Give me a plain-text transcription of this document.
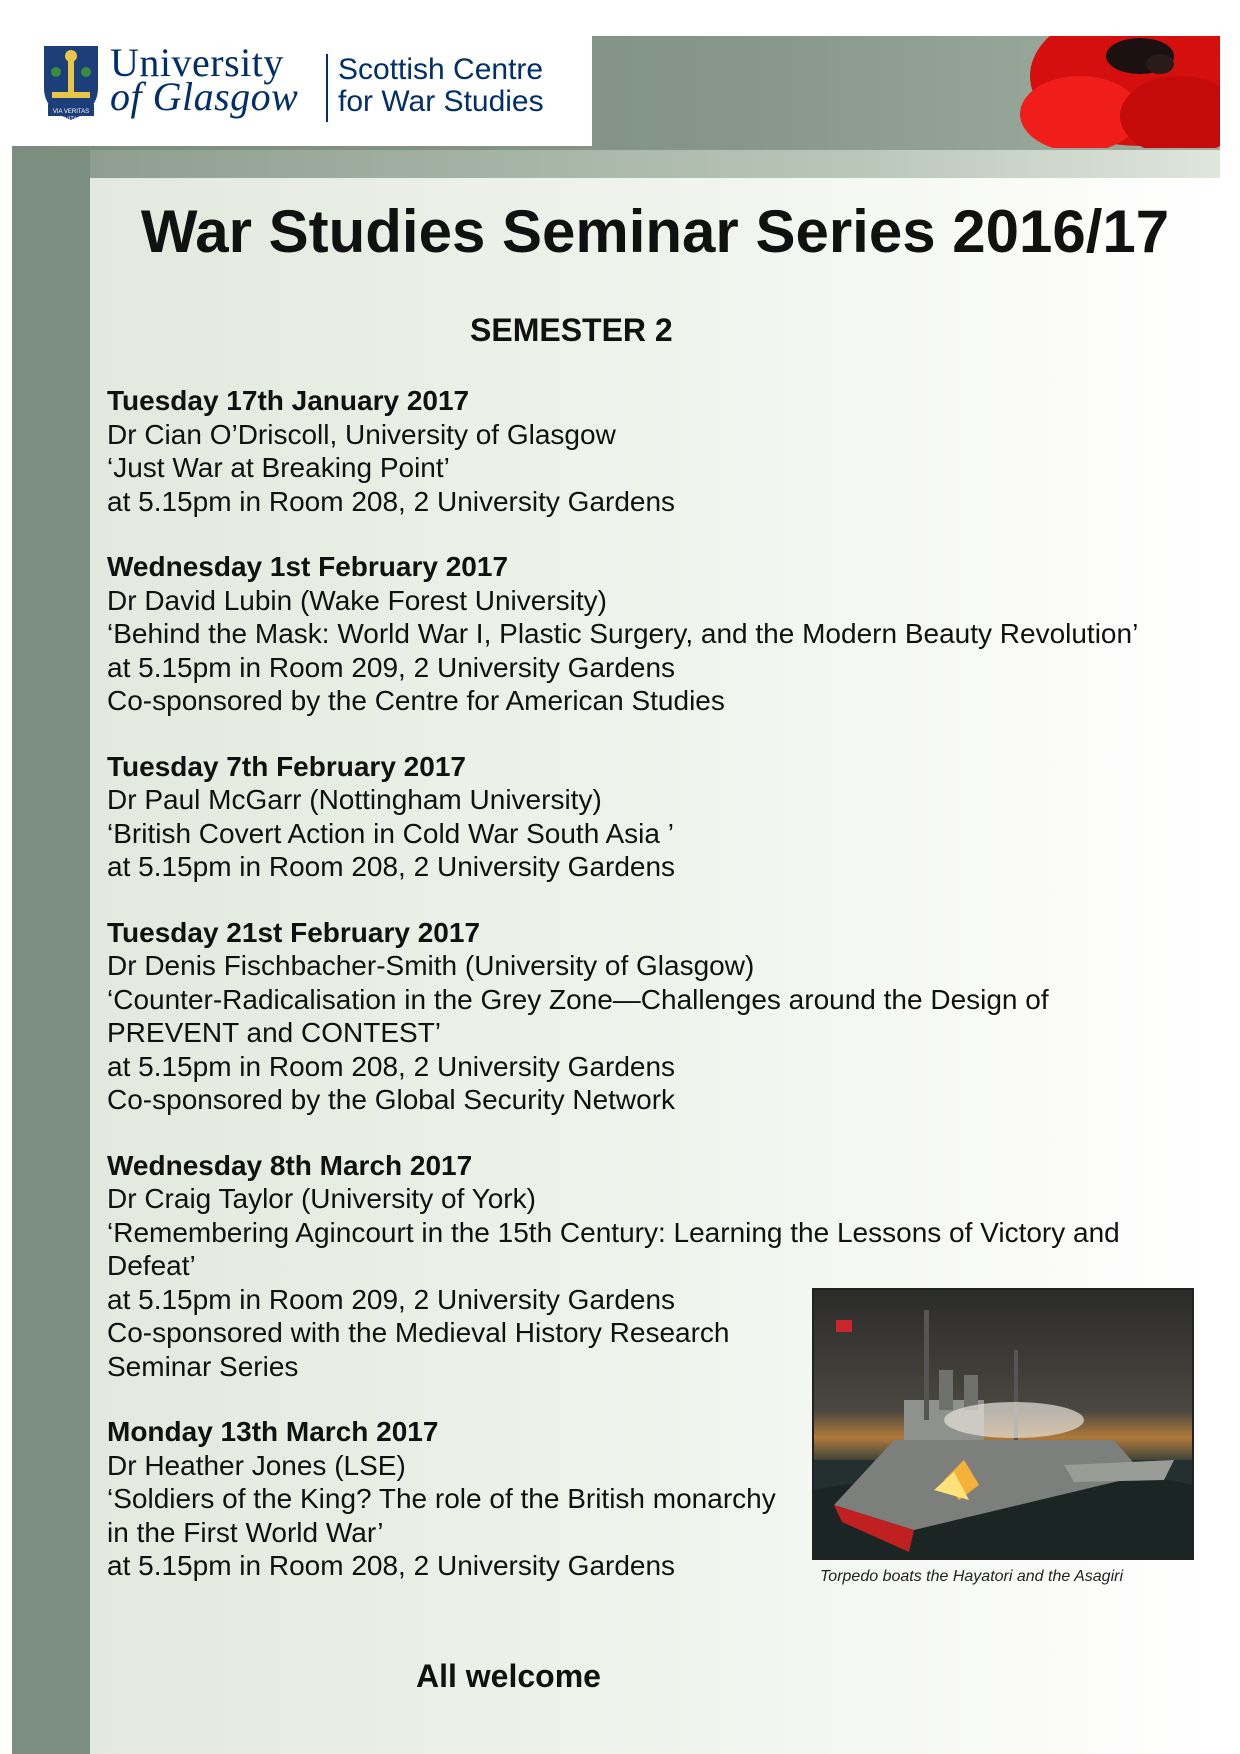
VIA VERITAS VITA
University
of Glasgow
Scottish Centre
for War Studies
War Studies Seminar Series 2016/17
SEMESTER 2
Tuesday 17th January 2017
Dr Cian O’Driscoll, University of Glasgow
‘Just War at Breaking Point’
at 5.15pm in Room 208, 2 University Gardens
Wednesday 1st February 2017
Dr David Lubin (Wake Forest University)
‘Behind the Mask: World War I, Plastic Surgery, and the Modern Beauty Revolution’
at 5.15pm in Room 209, 2 University Gardens
Co-sponsored by the Centre for American Studies
Tuesday 7th February 2017
Dr Paul McGarr (Nottingham University)
‘British Covert Action in Cold War South Asia ’
at 5.15pm in Room 208, 2 University Gardens
Tuesday 21st February 2017
Dr Denis Fischbacher-Smith (University of Glasgow)
‘Counter-Radicalisation in the Grey Zone—Challenges around the Design of
PREVENT and CONTEST’
at 5.15pm in Room 208, 2 University Gardens
Co-sponsored by the Global Security Network
Wednesday 8th March 2017
Dr Craig Taylor (University of York)
‘Remembering Agincourt in the 15th Century: Learning the Lessons of Victory and
Defeat’
at 5.15pm in Room 209, 2 University Gardens
Co-sponsored with the Medieval History Research
Seminar Series
Monday 13th March 2017
Dr Heather Jones (LSE)
‘Soldiers of the King? The role of the British monarchy
in the First World War’
at 5.15pm in Room 208, 2 University Gardens	Torpedo boats the Hayatori and the Asagiri
All welcome
